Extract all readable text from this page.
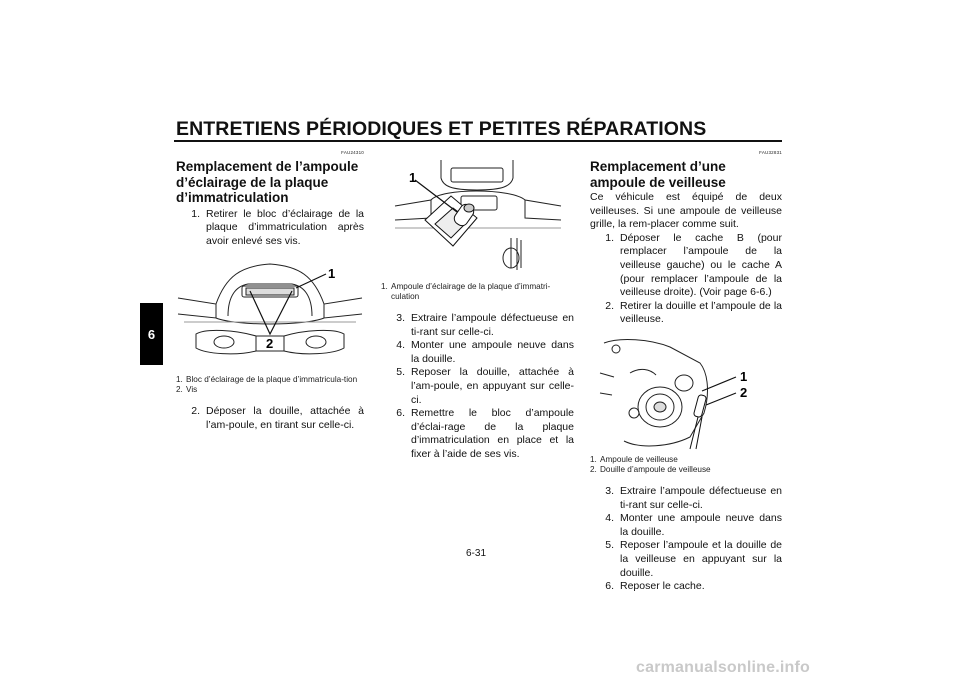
ENTRETIENS PÉRIODIQUES ET PETITES RÉPARATIONS
6
FAU24310
Remplacement de l’ampoule d’éclairage de la plaque d’immatriculation
1. Retirer le bloc d’éclairage de la plaque d’immatriculation après avoir enlevé ses vis.
1
2
1. Bloc d’éclairage de la plaque d’immatricula-tion
2. Vis
2. Déposer la douille, attachée à l’am-poule, en tirant sur celle-ci.
1
1. Ampoule d’éclairage de la plaque d’immatri-culation
3. Extraire l’ampoule défectueuse en ti-rant sur celle-ci.
4. Monter une ampoule neuve dans la douille.
5. Reposer la douille, attachée à l’am-poule, en appuyant sur celle-ci.
6. Remettre le bloc d’ampoule d’éclai-rage de la plaque d’immatriculation en place et la fixer à l’aide de ses vis.
FAU32831
Remplacement d’une ampoule de veilleuse

Ce véhicule est équipé de deux veilleuses. Si une ampoule de veilleuse grille, la rem-placer comme suit.

1. Déposer le cache B (pour remplacer l’ampoule de la veilleuse gauche) ou le cache A (pour remplacer l’ampoule de la veilleuse droite). (Voir page 6-6.)
2. Retirer la douille et l’ampoule de la veilleuse.
1
2
1. Ampoule de veilleuse
2. Douille d’ampoule de veilleuse
3. Extraire l’ampoule défectueuse en ti-rant sur celle-ci.
4. Monter une ampoule neuve dans la douille.
5. Reposer l’ampoule et la douille de la veilleuse en appuyant sur la douille.
6. Reposer le cache.
6-31
carmanualsonline.info
